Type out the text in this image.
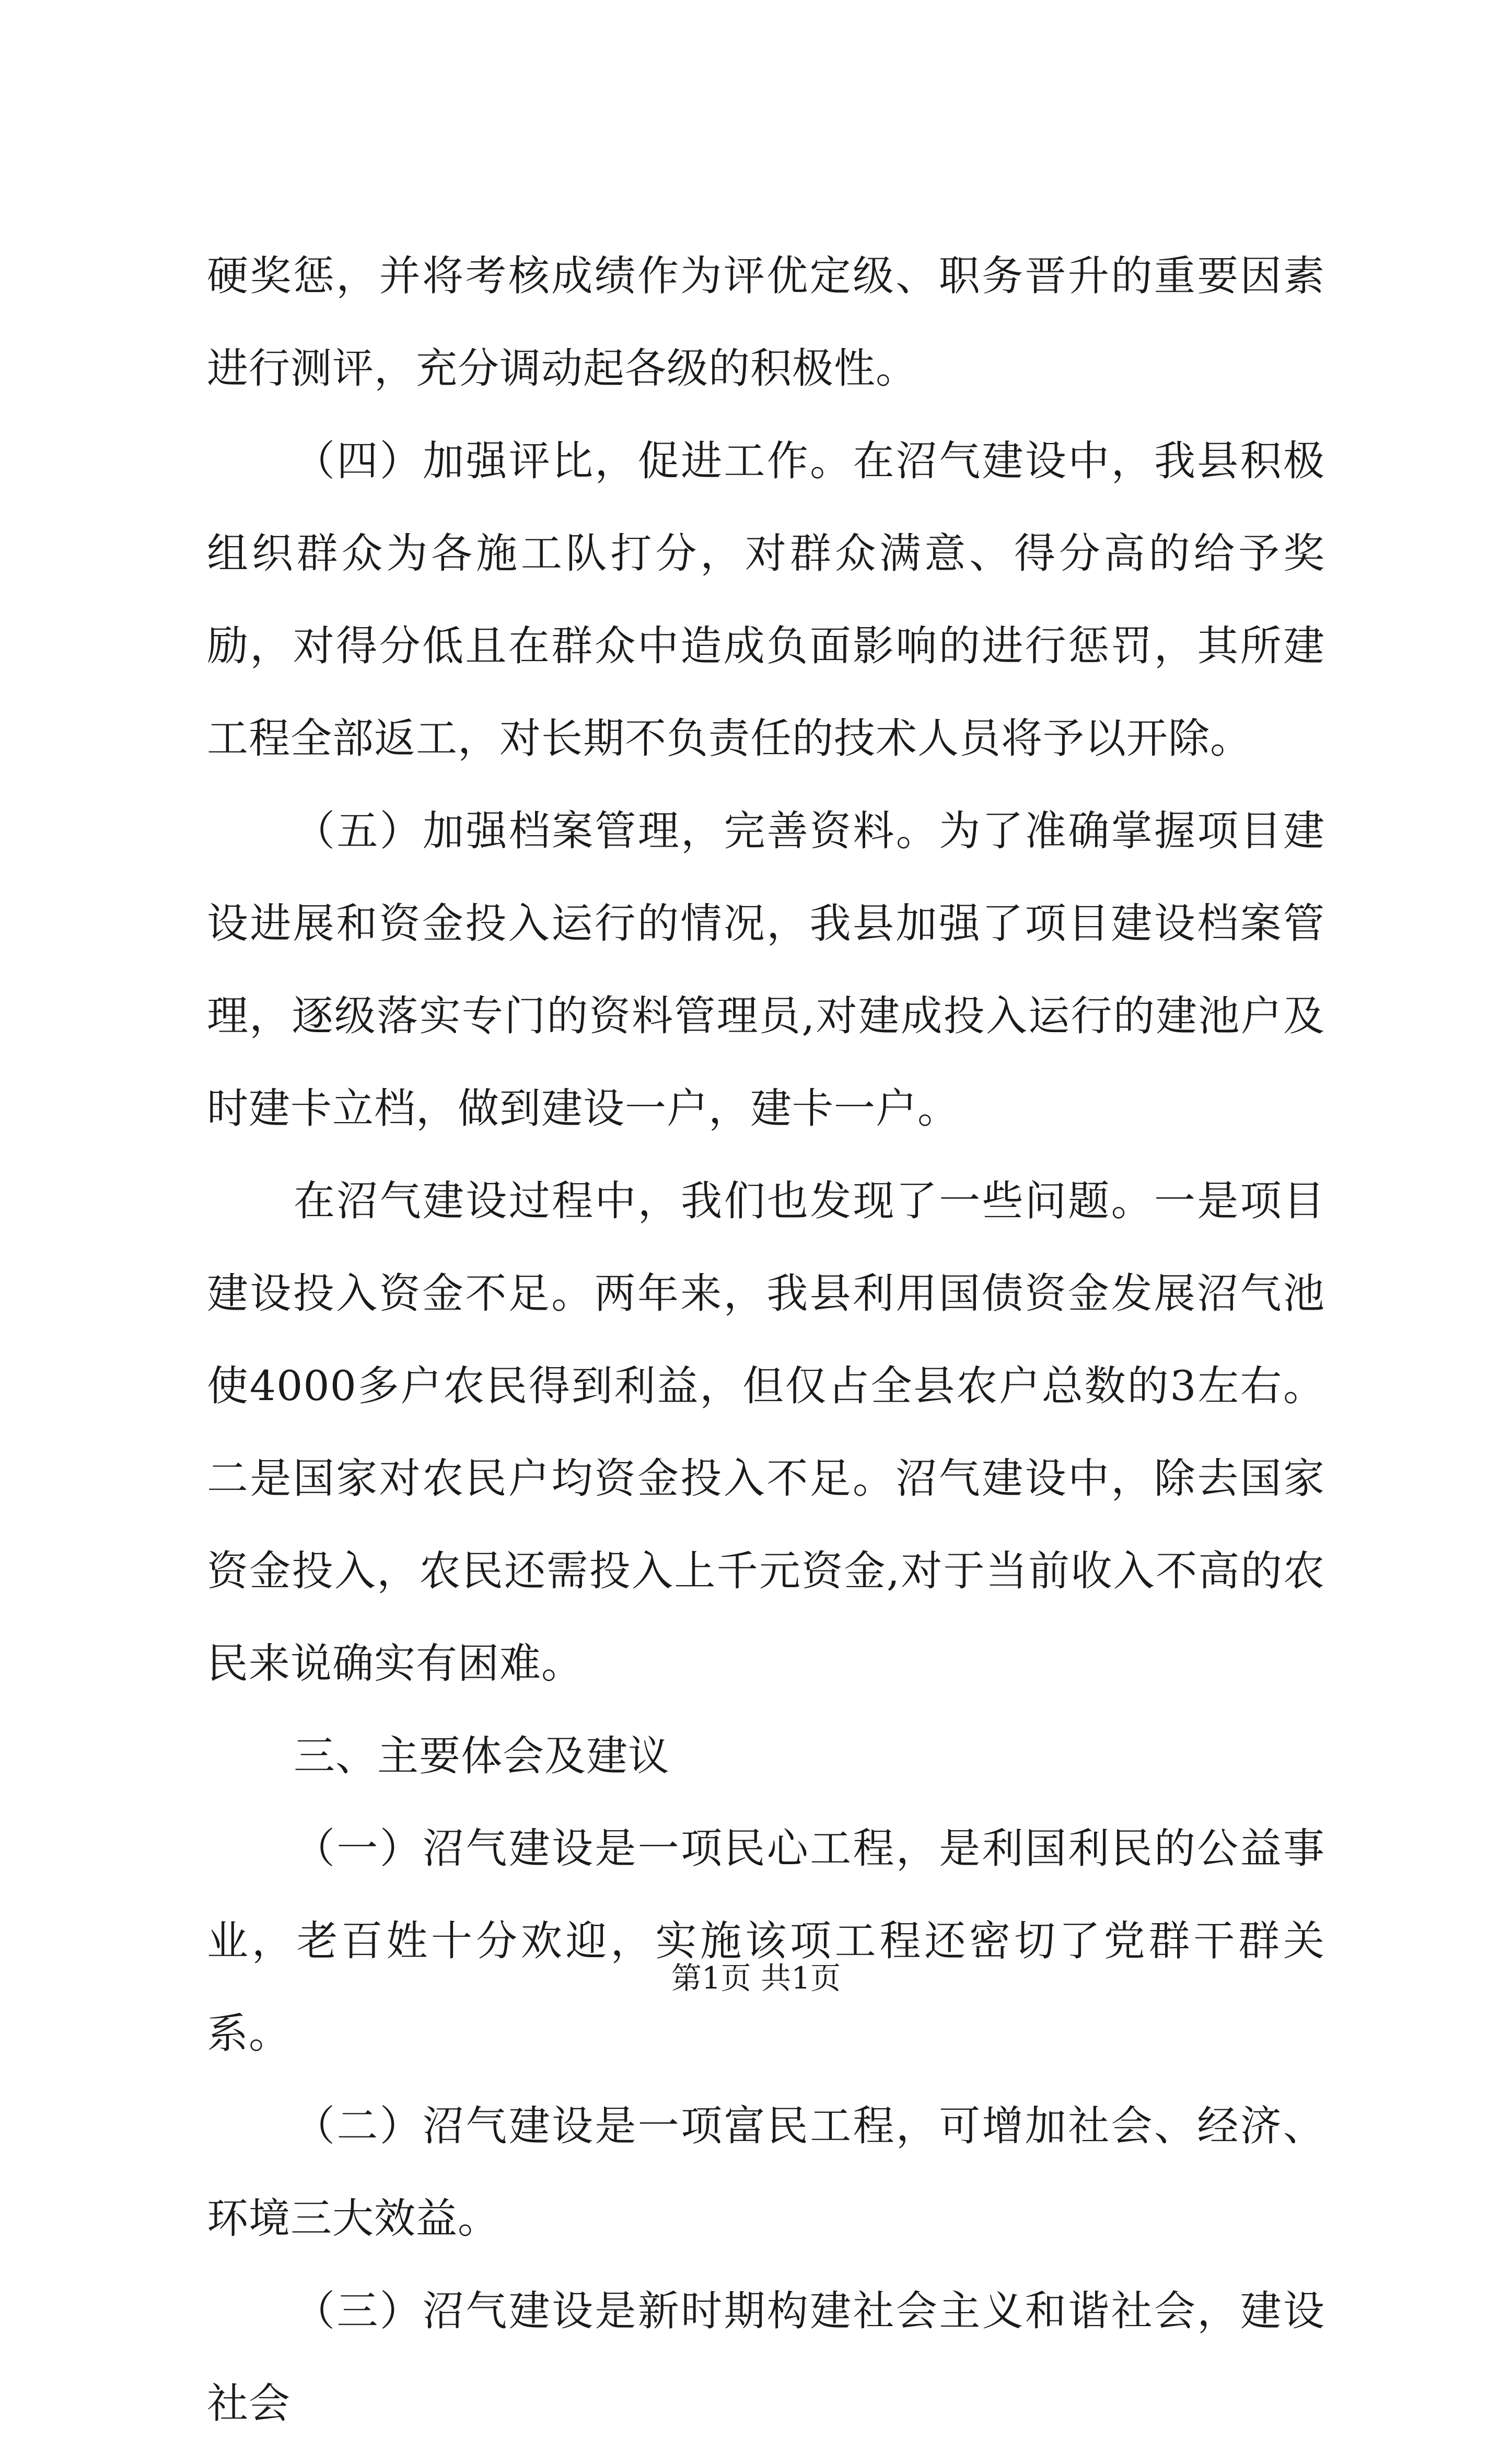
硬奖惩，并将考核成绩作为评优定级、职务晋升的重要因素进行测评，充分调动起各级的积极性。

（四）加强评比，促进工作。在沼气建设中，我县积极组织群众为各施工队打分，对群众满意、得分高的给予奖励，对得分低且在群众中造成负面影响的进行惩罚，其所建工程全部返工，对长期不负责任的技术人员将予以开除。

（五）加强档案管理，完善资料。为了准确掌握项目建设进展和资金投入运行的情况，我县加强了项目建设档案管理，逐级落实专门的资料管理员,对建成投入运行的建池户及时建卡立档，做到建设一户，建卡一户。

在沼气建设过程中，我们也发现了一些问题。一是项目建设投入资金不足。两年来，我县利用国债资金发展沼气池使4000多户农民得到利益，但仅占全县农户总数的3左右。二是国家对农民户均资金投入不足。沼气建设中，除去国家资金投入，农民还需投入上千元资金,对于当前收入不高的农民来说确实有困难。

三、主要体会及建议

（一）沼气建设是一项民心工程，是利国利民的公益事业，老百姓十分欢迎，实施该项工程还密切了党群干群关系。

（二）沼气建设是一项富民工程，可增加社会、经济、环境三大效益。

（三）沼气建设是新时期构建社会主义和谐社会，建设社会

第1页 共1页
